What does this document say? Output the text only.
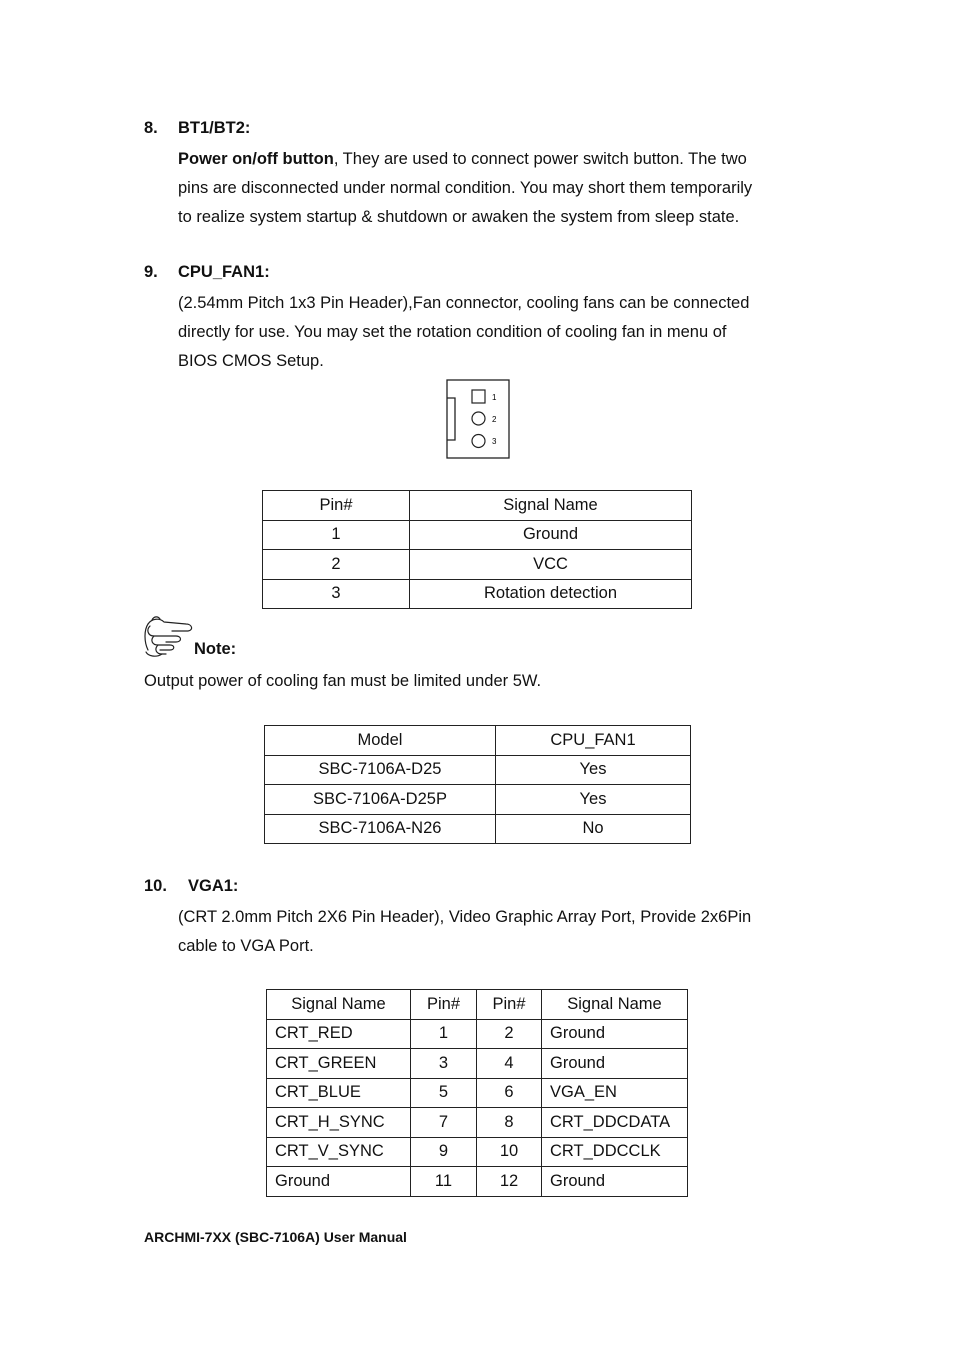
8. BT1/BT2:
Power on/off button, They are used to connect power switch button. The two
pins are disconnected under normal condition. You may short them temporarily
to realize system startup & shutdown or awaken the system from sleep state.
9. CPU_FAN1:
(2.54mm Pitch 1x3 Pin Header),Fan connector, cooling fans can be connected
directly for use. You may set the rotation condition of cooling fan in menu of
BIOS CMOS Setup.
1
2
3
Pin#	Signal Name
1	Ground
2	VCC
3	Rotation detection
Note:
Output power of cooling fan must be limited under 5W.
Model	CPU_FAN1
SBC-7106A-D25	Yes
SBC-7106A-D25P	Yes
SBC-7106A-N26	No
10. VGA1:
(CRT 2.0mm Pitch 2X6 Pin Header), Video Graphic Array Port, Provide 2x6Pin
cable to VGA Port.
Signal Name	Pin#	Pin#	Signal Name
CRT_RED	1	2	Ground
CRT_GREEN	3	4	Ground
CRT_BLUE	5	6	VGA_EN
CRT_H_SYNC	7	8	CRT_DDCDATA
CRT_V_SYNC	9	10	CRT_DDCCLK
Ground	11	12	Ground
ARCHMI-7XX (SBC-7106A) User Manual
